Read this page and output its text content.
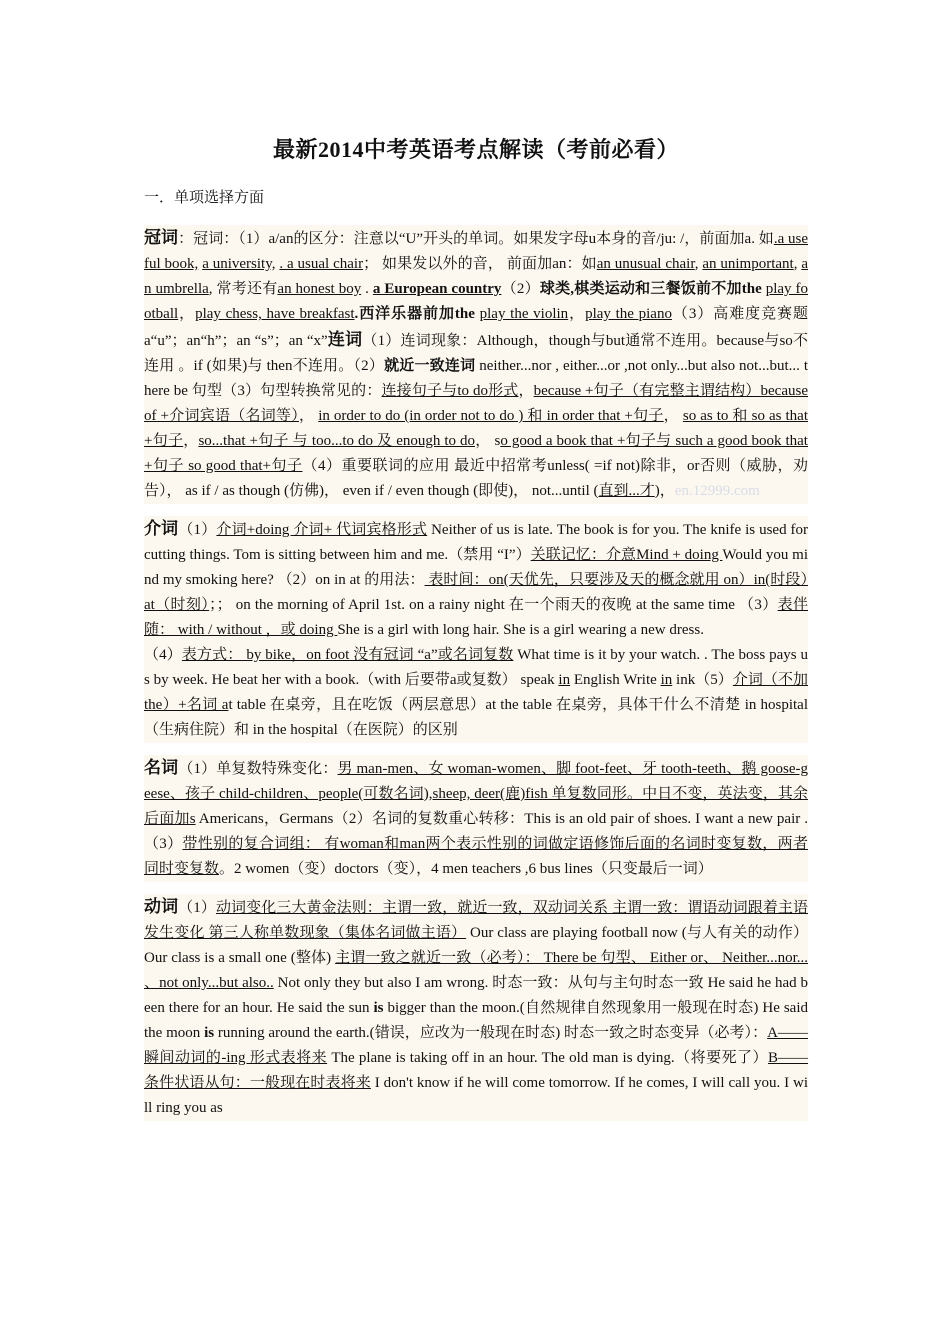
最新2014中考英语考点解读（考前必看）
一．单项选择方面

冠词：冠词：（1）a/an的区分：注意以“U”开头的单词。如果发字母u本身的音/ju: /，前面加a. 如.a useful book, a university, . a usual chair； 如果发以外的音， 前面加an：如an unusual chair, an unimportant, an umbrella, 常考还有an honest boy . a European country（2）球类,棋类运动和三餐饭前不加the play football，play chess, have breakfast.西洋乐器前加the play the violin，play the piano（3）高难度竞赛题 a“u”；an“h”；an “s”；an “x”连词（1）连词现象：Although，though与but通常不连用。because与so不连用 。if (如果)与 then不连用。（2）就近一致连词 neither...nor , either...or ,not only...but also not...but... there be 句型（3）句型转换常见的：连接句子与to do形式，because +句子（有完整主谓结构）because of +介词宾语（名词等）， in order to do (in order not to do ) 和 in order that +句子， so as to 和 so as that +句子，so...that +句子 与 too...to do 及 enough to do， so good a book that +句子与 such a good book that+句子 so good that+句子（4）重要联词的应用 最近中招常考unless( =if not)除非，or否则（威胁，劝告）， as if / as though (仿佛)， even if / even though (即使)， not...until (直到...才)，en.12999.com

介词（1）介词+doing 介词+ 代词宾格形式 Neither of us is late. The book is for you. The knife is used for cutting things. Tom is sitting between him and me.（禁用 “I”）关联记忆：介意Mind + doing Would you mind my smoking here? （2）on in at 的用法： 表时间：on(天优先，只要涉及天的概念就用 on）in(时段）at（时刻）；； on the morning of April 1st. on a rainy night 在一个雨天的夜晚 at the same time （3）表伴随： with / without ，或 doing She is a girl with long hair. She is a girl wearing a new dress.

（4）表方式： by bike，on foot 没有冠词 “a”或名词复数 What time is it by your watch. . The boss pays us by week. He beat her with a book.（with 后要带a或复数） speak in English Write in ink（5）介词（不加the）+名词 at table 在桌旁，且在吃饭（两层意思）at the table 在桌旁，具体干什么不清楚 in hospital（生病住院）和 in the hospital（在医院）的区别

名词（1）单复数特殊变化：男 man-men、女 woman-women、脚 foot-feet、牙 tooth-teeth、鹅 goose-geese、孩子 child-children、people(可数名词),sheep, deer(鹿)fish 单复数同形。中日不变，英法变，其余后面加s Americans，Germans（2）名词的复数重心转移：This is an old pair of shoes. I want a new pair .（3）带性别的复合词组： 有woman和man两个表示性别的词做定语修饰后面的名词时变复数，两者同时变复数。2 women（变）doctors（变），4 men teachers ,6 bus lines（只变最后一词）

动词（1）动词变化三大黄金法则：主谓一致，就近一致，双动词关系 主谓一致：谓语动词跟着主语发生变化 第三人称单数现象（集体名词做主语） Our class are playing football now (与人有关的动作）Our class is a small one (整体) 主谓一致之就近一致（必考）： There be 句型、 Either or、 Neither...nor... 、not only...but also.. Not only they but also I am wrong. 时态一致：从句与主句时态一致 He said he had been there for an hour. He said the sun is bigger than the moon.(自然规律自然现象用一般现在时态) He said the moon is running around the earth.(错误，应改为一般现在时态) 时态一致之时态变异（必考）：A——瞬间动词的-ing 形式表将来 The plane is taking off in an hour. The old man is dying.（将要死了）B——条件状语从句：一般现在时表将来 I don't know if he will come tomorrow. If he comes, I will call you. I will ring you as
